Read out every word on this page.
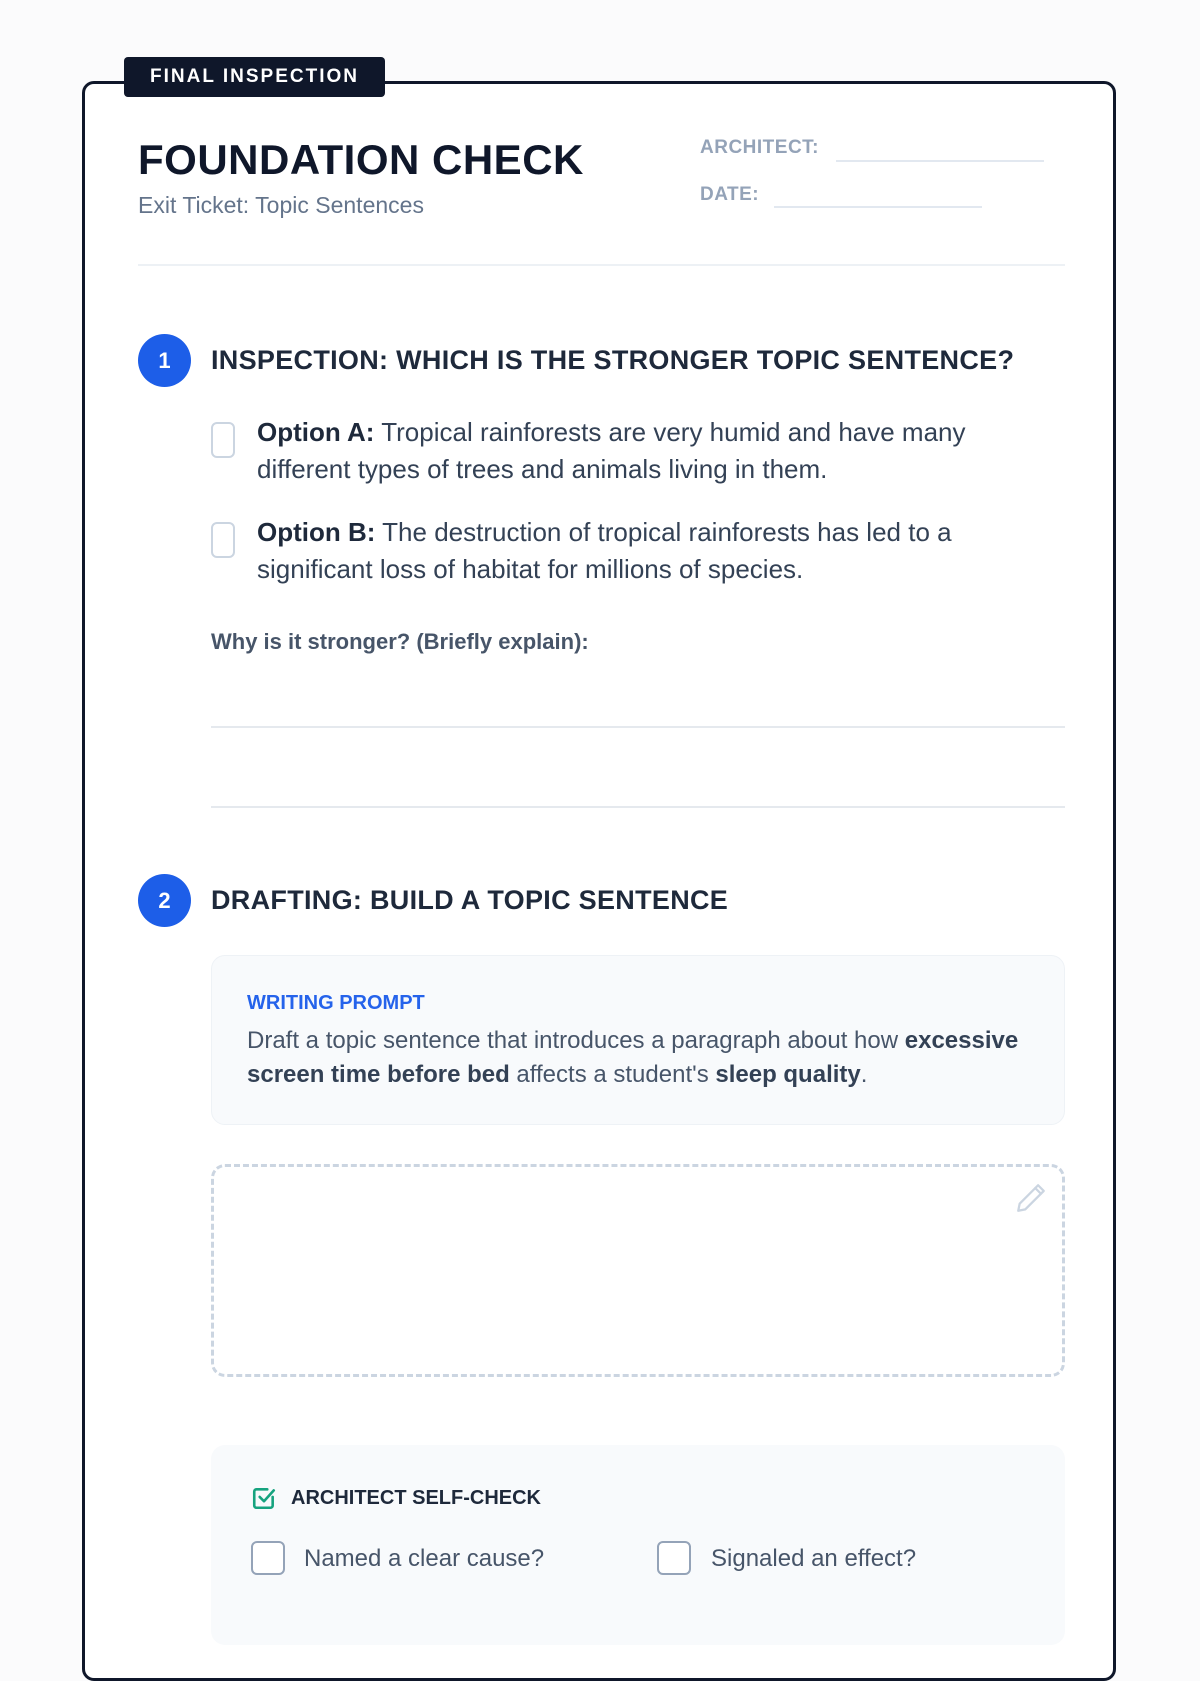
FINAL INSPECTION
FOUNDATION CHECK
Exit Ticket: Topic Sentences
ARCHITECT:
DATE:
1	INSPECTION: WHICH IS THE STRONGER TOPIC SENTENCE?
Option A: Tropical rainforests are very humid and have many different types of trees and animals living in them.
Option B: The destruction of tropical rainforests has led to a significant loss of habitat for millions of species.
Why is it stronger? (Briefly explain):
2	DRAFTING: BUILD A TOPIC SENTENCE
WRITING PROMPT
Draft a topic sentence that introduces a paragraph about how excessive screen time before bed affects a student's sleep quality.
ARCHITECT SELF-CHECK
Named a clear cause?	Signaled an effect?
